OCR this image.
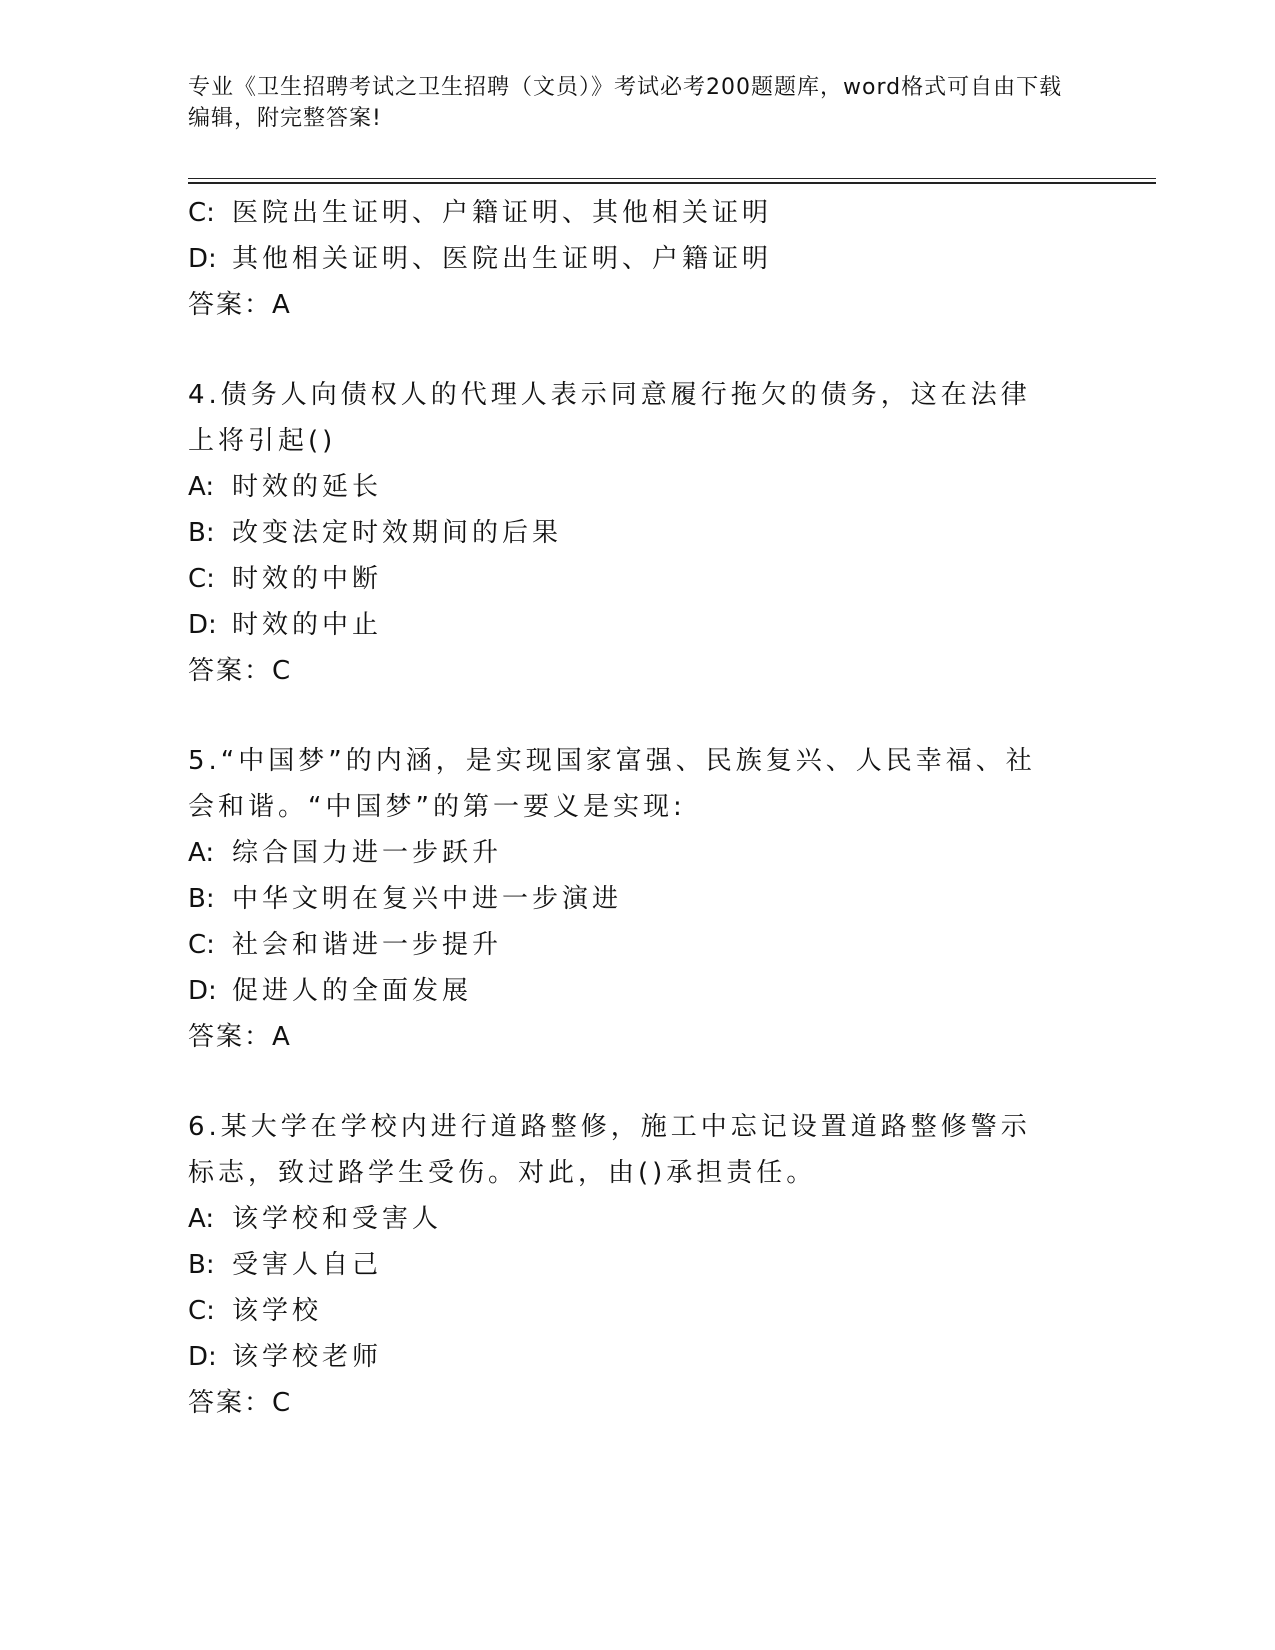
专业《卫生招聘考试之卫生招聘（文员）》考试必考200题题库，word格式可自由下载编辑，附完整答案!
C: 医院出生证明、户籍证明、其他相关证明
D: 其他相关证明、医院出生证明、户籍证明
答案：A
4.债务人向债权人的代理人表示同意履行拖欠的债务，这在法律上将引起()
A: 时效的延长
B: 改变法定时效期间的后果
C: 时效的中断
D: 时效的中止
答案：C
5.“中国梦”的内涵，是实现国家富强、民族复兴、人民幸福、社会和谐。“中国梦”的第一要义是实现:
A: 综合国力进一步跃升
B: 中华文明在复兴中进一步演进
C: 社会和谐进一步提升
D: 促进人的全面发展
答案：A
6.某大学在学校内进行道路整修，施工中忘记设置道路整修警示标志，致过路学生受伤。对此，由()承担责任。
A: 该学校和受害人
B: 受害人自己
C: 该学校
D: 该学校老师
答案：C
